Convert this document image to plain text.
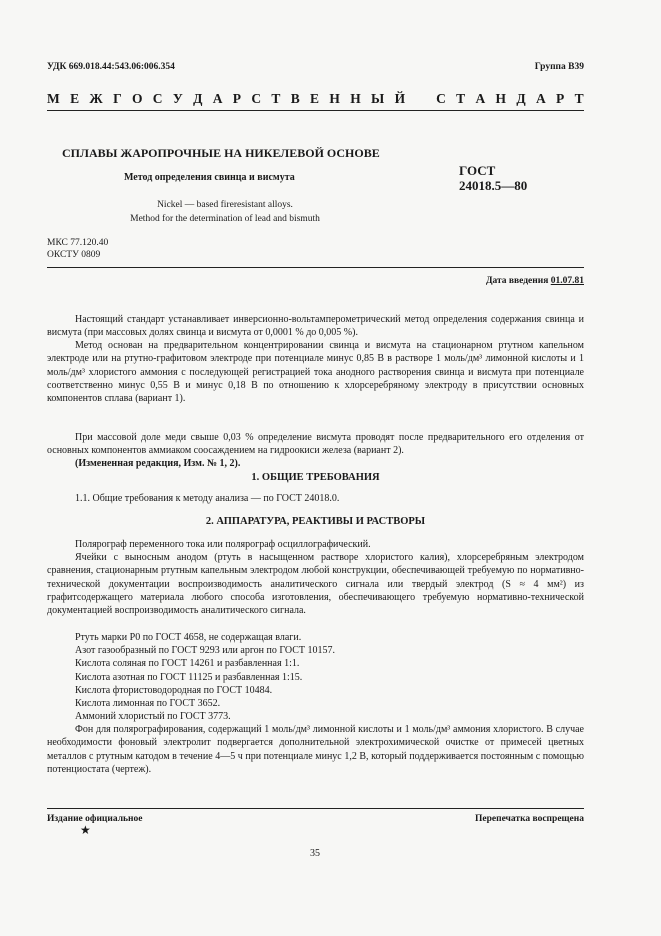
УДК 669.018.44:543.06:006.354	Группа В39
М Е Ж Г О С У Д А Р С Т В Е Н Н Ы Й С Т А Н Д А Р Т
СПЛАВЫ ЖАРОПРОЧНЫЕ НА НИКЕЛЕВОЙ ОСНОВЕ
ГОСТ
24018.5—80
Метод определения свинца и висмута
Nickel — based fireresistant alloys.
Method for the determination of lead and bismuth
МКС 77.120.40
ОКСТУ 0809
Дата введения 01.07.81
Настоящий стандарт устанавливает инверсионно-вольтамперометрический метод определения содержания свинца и висмута (при массовых долях свинца и висмута от 0,0001 % до 0,005 %).
Метод основан на предварительном концентрировании свинца и висмута на стационарном ртутном капельном электроде или на ртутно-графитовом электроде при потенциале минус 0,85 В в растворе 1 моль/дм³ лимонной кислоты и 1 моль/дм³ хлористого аммония с последующей регистрацией тока анодного растворения свинца и висмута при потенциале соответственно минус 0,55 В и минус 0,18 В по отношению к хлорсеребряному электроду в присутствии основных компонентов сплава (вариант 1).
При массовой доле меди свыше 0,03 % определение висмута проводят после предварительного его отделения от основных компонентов аммиаком соосаждением на гидроокиси железа (вариант 2).
(Измененная редакция, Изм. № 1, 2).
1. ОБЩИЕ ТРЕБОВАНИЯ
1.1. Общие требования к методу анализа — по ГОСТ 24018.0.
2. АППАРАТУРА, РЕАКТИВЫ И РАСТВОРЫ
Полярограф переменного тока или полярограф осциллографический.
Ячейки с выносным анодом (ртуть в насыщенном растворе хлористого калия), хлорсеребряным электродом сравнения, стационарным ртутным капельным электродом любой конструкции, обеспечивающей требуемую по нормативно-технической документации воспроизводимость аналитического сигнала или твердый электрод (S ≈ 4 мм²) из графитсодержащего материала любого способа изготовления, обеспечивающего требуемую нормативно-технической документацией воспроизводимость аналитического сигнала.
Ртуть марки Р0 по ГОСТ 4658, не содержащая влаги.
Азот газообразный по ГОСТ 9293 или аргон по ГОСТ 10157.
Кислота соляная по ГОСТ 14261 и разбавленная 1:1.
Кислота азотная по ГОСТ 11125 и разбавленная 1:15.
Кислота фтористоводородная по ГОСТ 10484.
Кислота лимонная по ГОСТ 3652.
Аммоний хлористый по ГОСТ 3773.
Фон для полярографирования, содержащий 1 моль/дм³ лимонной кислоты и 1 моль/дм³ аммония хлористого. В случае необходимости фоновый электролит подвергается дополнительной электрохимической очистке от примесей цветных металлов с ртутным катодом в течение 4—5 ч при потенциале минус 1,2 В, который поддерживается постоянным с помощью потенциостата (чертеж).
Издание официальное
★
Перепечатка воспрещена
35
